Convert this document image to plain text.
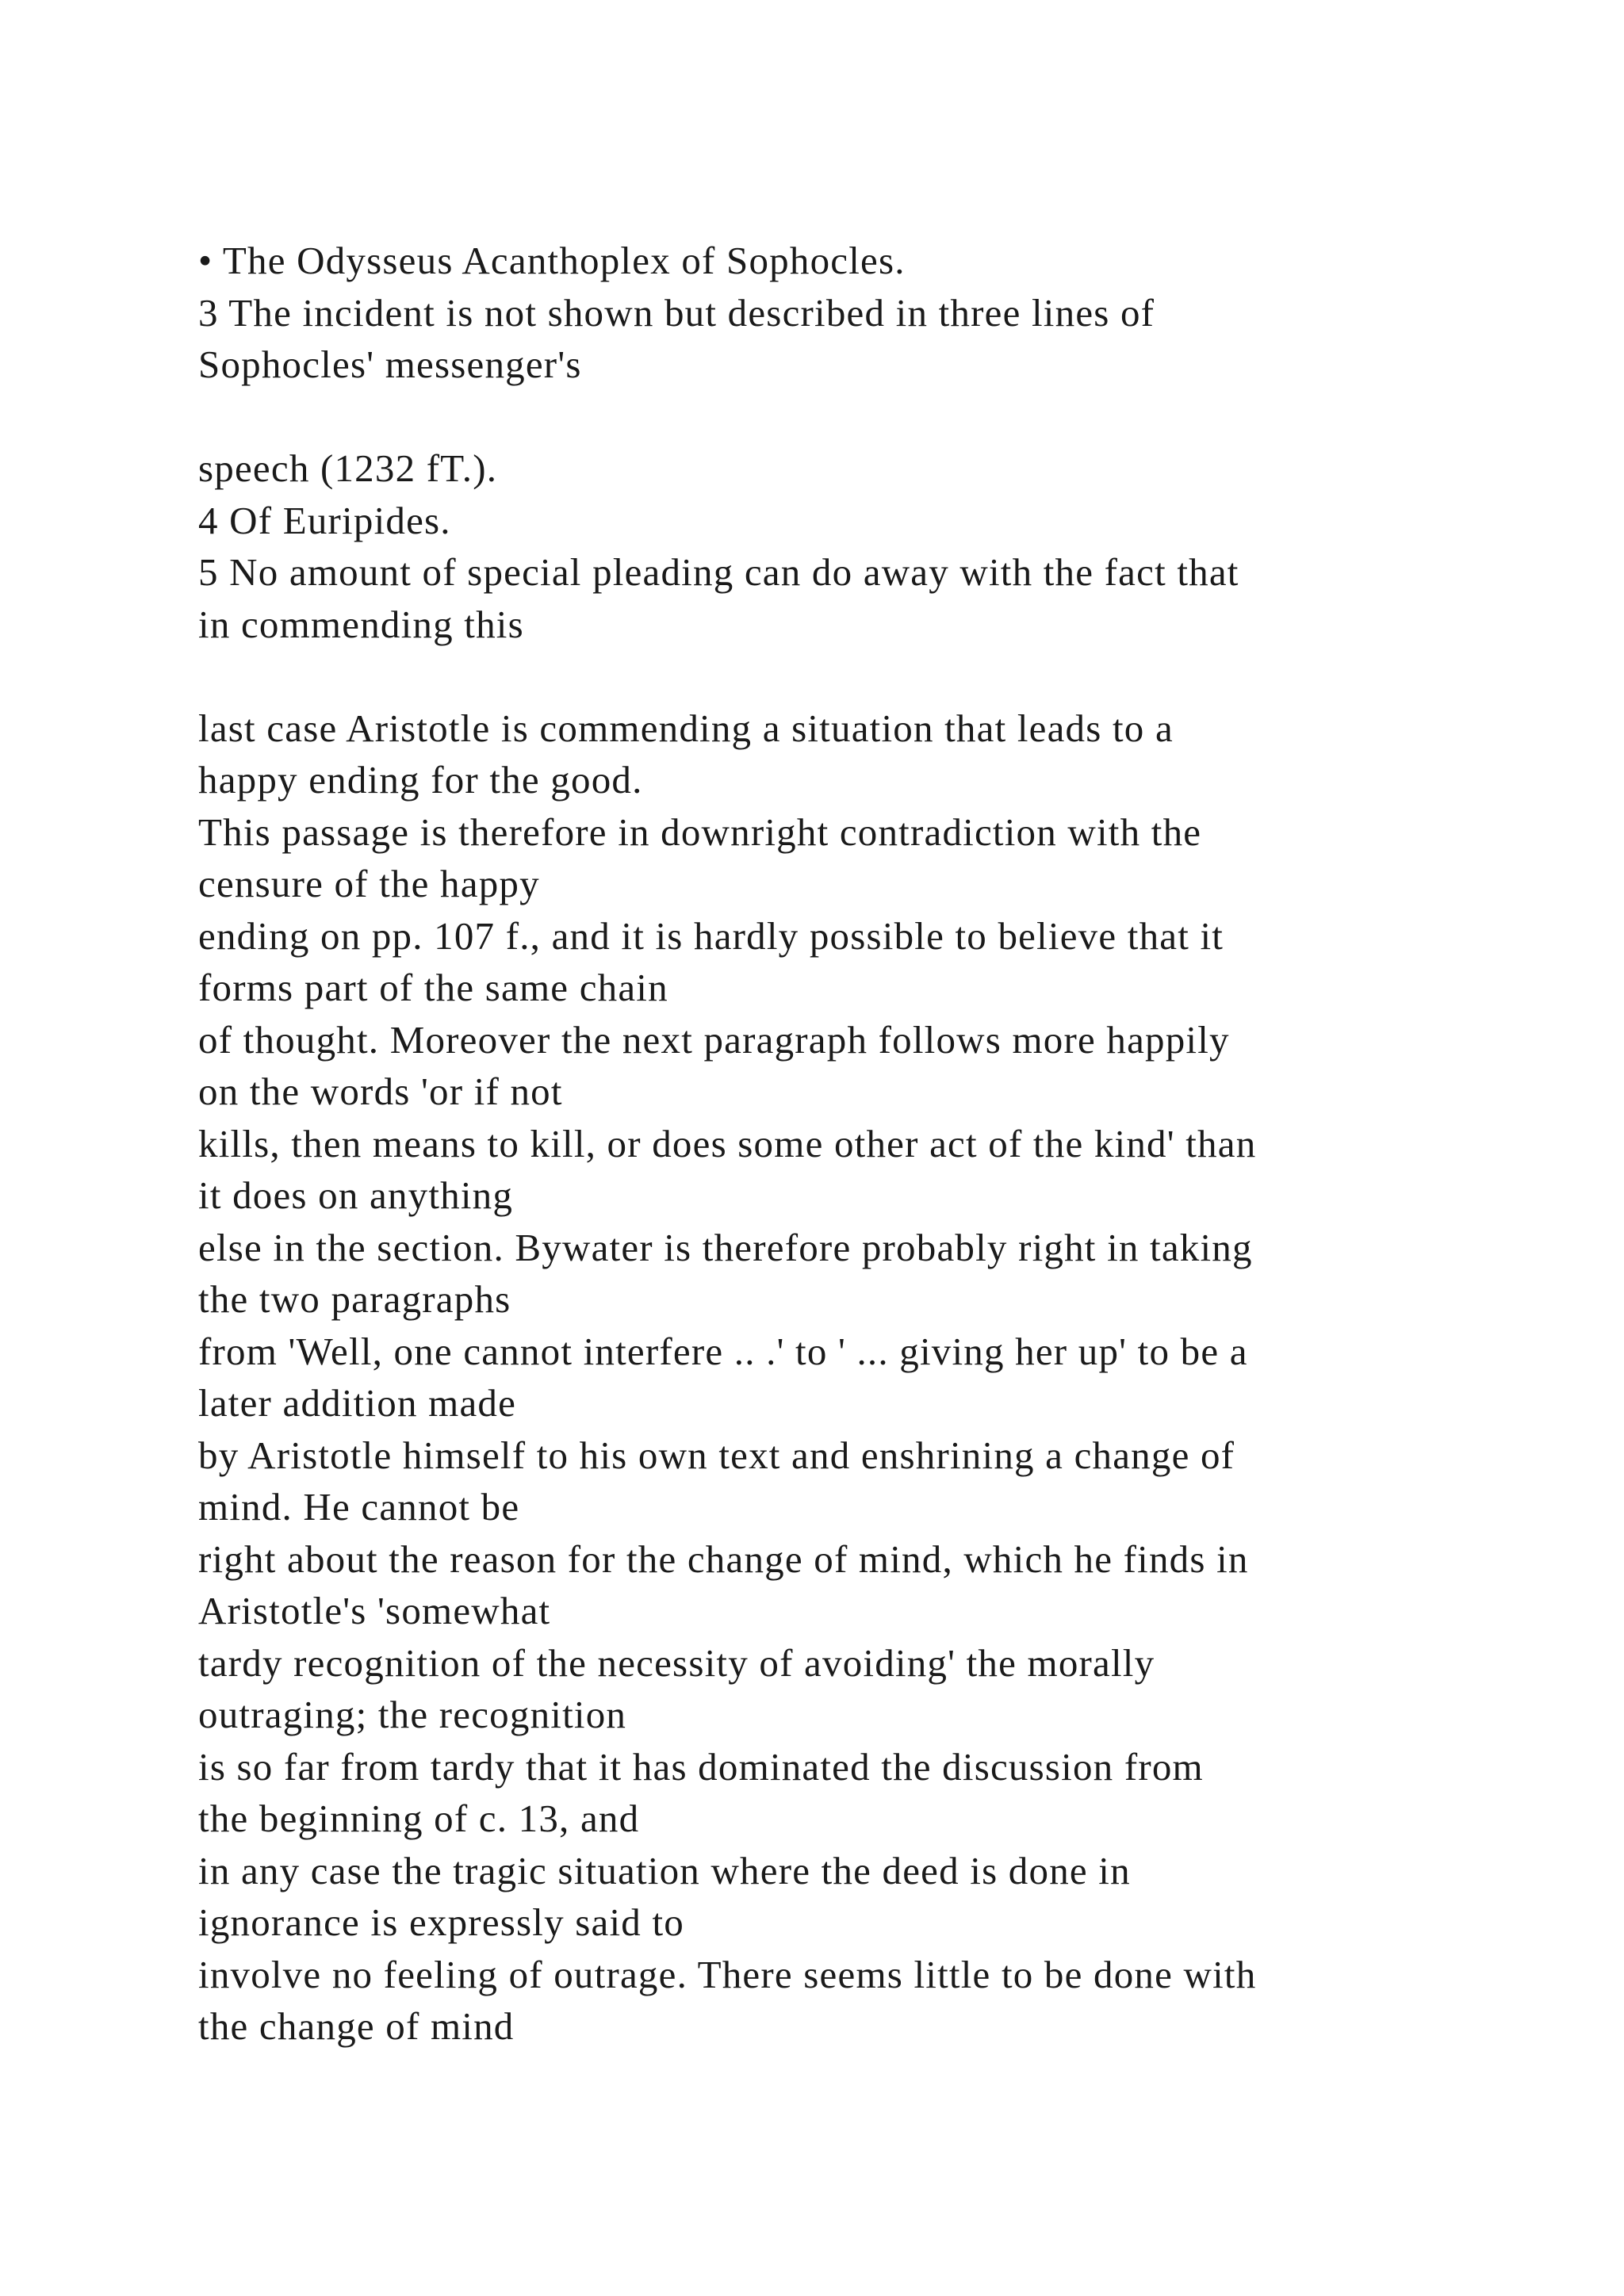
• The Odysseus Acanthoplex of Sophocles.
3 The incident is not shown but described in three lines of
Sophocles' messenger's
speech (1232 fT.).
4 Of Euripides.
5 No amount of special pleading can do away with the fact that
in commending this
last case Aristotle is commending a situation that leads to a
happy ending for the good.
This passage is therefore in downright contradiction with the
censure of the happy
ending on pp. 107 f., and it is hardly possible to believe that it
forms part of the same chain
of thought. Moreover the next paragraph follows more happily
on the words 'or if not
kills, then means to kill, or does some other act of the kind' than
it does on anything
else in the section. Bywater is therefore probably right in taking
the two paragraphs
from 'Well, one cannot interfere .. .' to ' ... giving her up' to be a
later addition made
by Aristotle himself to his own text and enshrining a change of
mind. He cannot be
right about the reason for the change of mind, which he finds in
Aristotle's 'somewhat
tardy recognition of the necessity of avoiding' the morally
outraging; the recognition
is so far from tardy that it has dominated the discussion from
the beginning of c. 13, and
in any case the tragic situation where the deed is done in
ignorance is expressly said to
involve no feeling of outrage. There seems little to be done with
the change of mind
